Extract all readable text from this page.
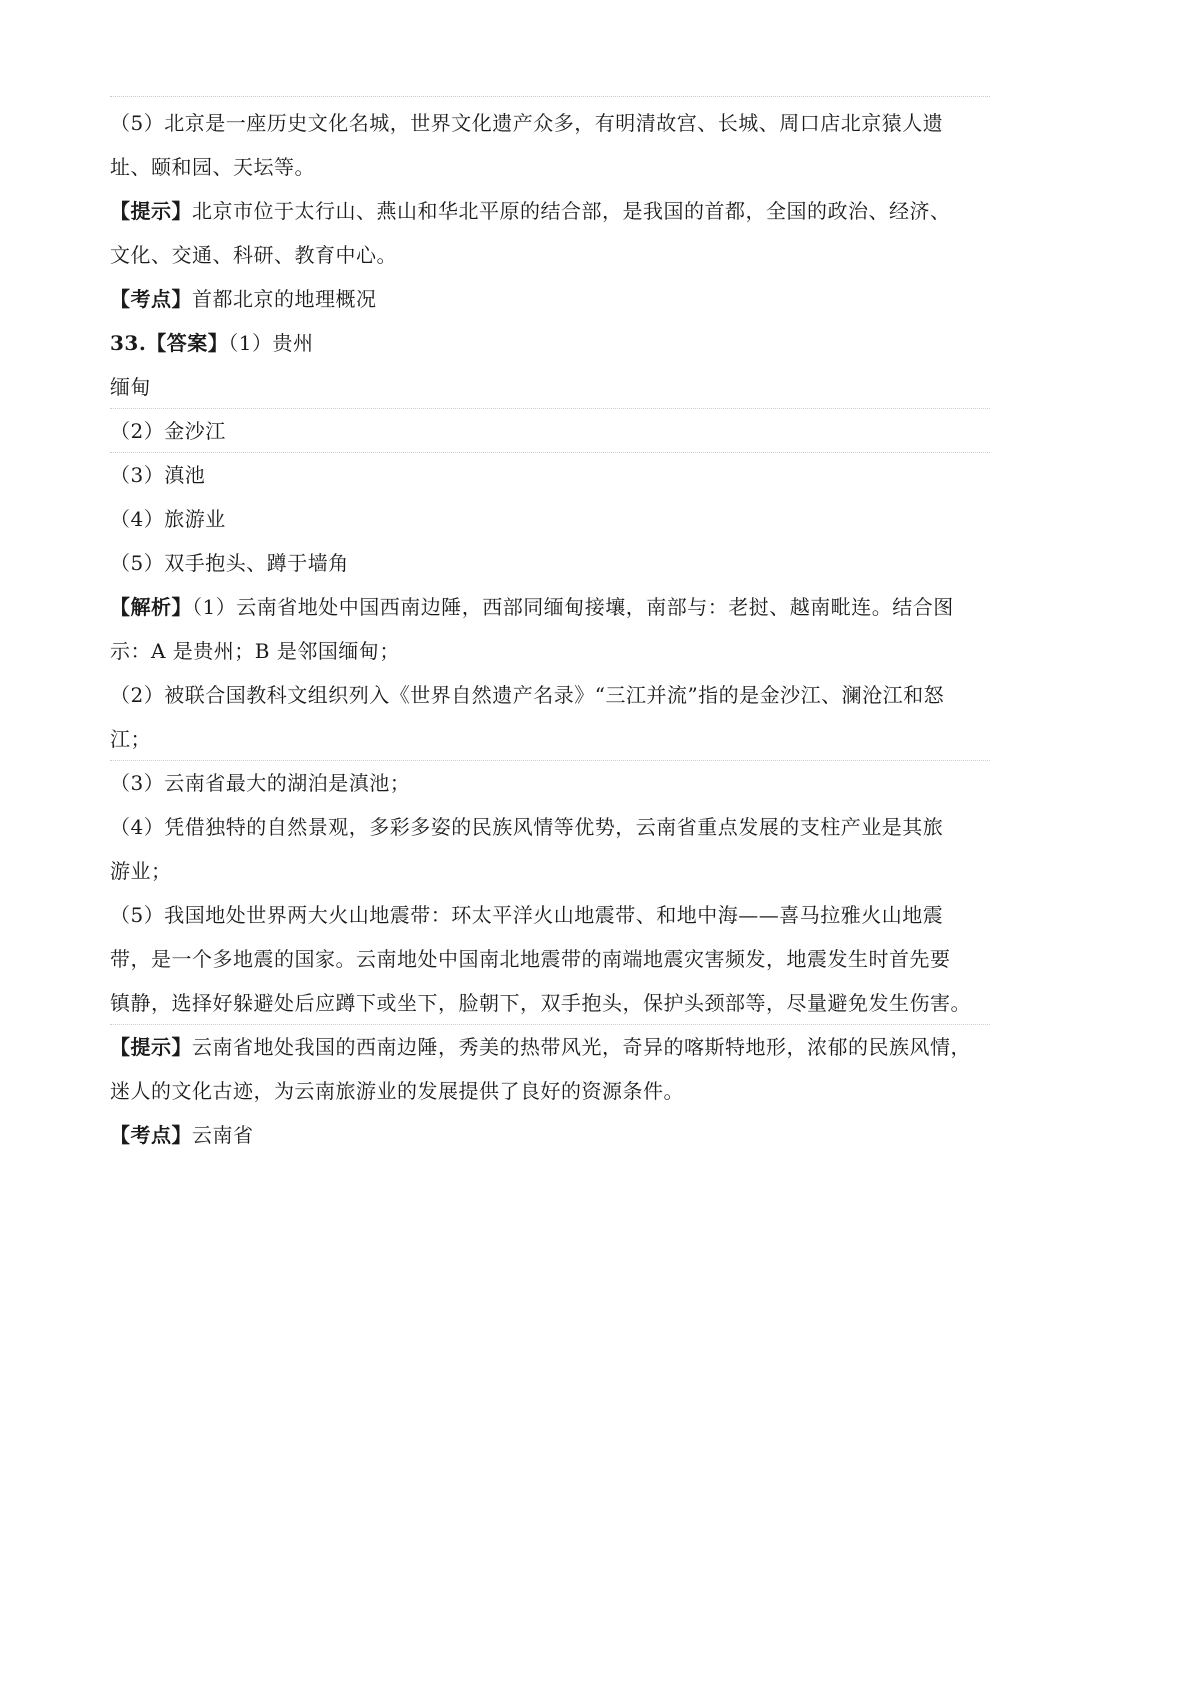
（5）北京是一座历史文化名城，世界文化遗产众多，有明清故宫、长城、周口店北京猿人遗
址、颐和园、天坛等。
【提示】北京市位于太行山、燕山和华北平原的结合部，是我国的首都，全国的政治、经济、
文化、交通、科研、教育中心。
【考点】首都北京的地理概况
33.【答案】（1）贵州
缅甸
（2）金沙江
（3）滇池
（4）旅游业
（5）双手抱头、蹲于墙角
【解析】（1）云南省地处中国西南边陲，西部同缅甸接壤，南部与：老挝、越南毗连。结合图
示：A 是贵州；B 是邻国缅甸；
（2）被联合国教科文组织列入《世界自然遗产名录》“三江并流”指的是金沙江、澜沧江和怒
江；
（3）云南省最大的湖泊是滇池；
（4）凭借独特的自然景观，多彩多姿的民族风情等优势，云南省重点发展的支柱产业是其旅
游业；
（5）我国地处世界两大火山地震带：环太平洋火山地震带、和地中海——喜马拉雅火山地震
带，是一个多地震的国家。云南地处中国南北地震带的南端地震灾害频发，地震发生时首先要
镇静，选择好躲避处后应蹲下或坐下，脸朝下，双手抱头，保护头颈部等，尽量避免发生伤害。
【提示】云南省地处我国的西南边陲，秀美的热带风光，奇异的喀斯特地形，浓郁的民族风情，
迷人的文化古迹，为云南旅游业的发展提供了良好的资源条件。
【考点】云南省
